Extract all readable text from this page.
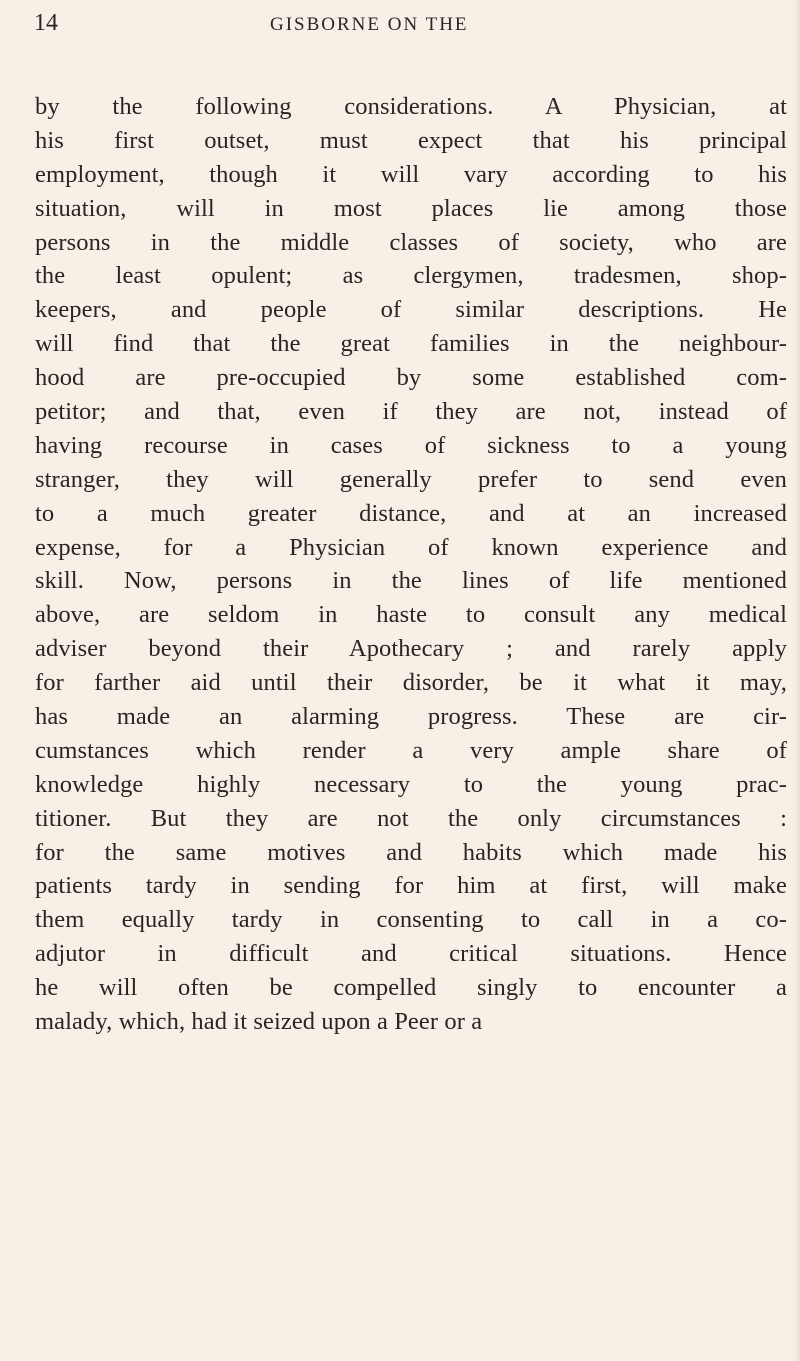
14	GISBORNE ON THE
by the following considerations. A Physician, at
his first outset, must expect that his principal
employment, though it will vary according to his
situation, will in most places lie among those
persons in the middle classes of society, who are
the least opulent; as clergymen, tradesmen, shop-
keepers, and people of similar descriptions. He
will find that the great families in the neighbour-
hood are pre-occupied by some established com-
petitor; and that, even if they are not, instead of
having recourse in cases of sickness to a young
stranger, they will generally prefer to send even
to a much greater distance, and at an increased
expense, for a Physician of known experience and
skill. Now, persons in the lines of life mentioned
above, are seldom in haste to consult any medical
adviser beyond their Apothecary ; and rarely apply
for farther aid until their disorder, be it what it may,
has made an alarming progress. These are cir-
cumstances which render a very ample share of
knowledge highly necessary to the young prac-
titioner. But they are not the only circumstances :
for the same motives and habits which made his
patients tardy in sending for him at first, will make
them equally tardy in consenting to call in a co-
adjutor in difficult and critical situations. Hence
he will often be compelled singly to encounter a
malady, which, had it seized upon a Peer or a
